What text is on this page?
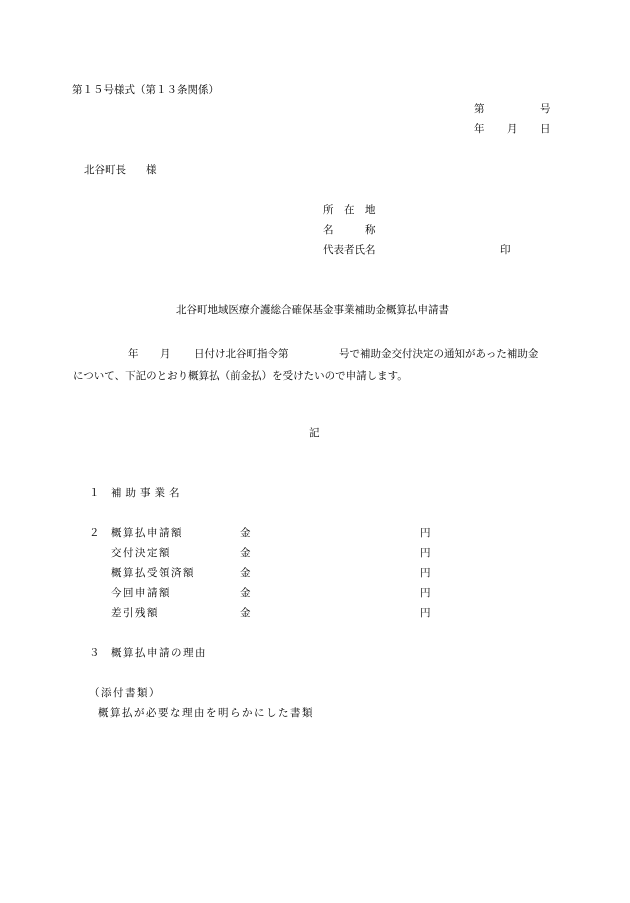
第１５号様式（第１３条関係）
第	号
年 月 日
北谷町長 様
所　在　地
名　　　称
代表者氏名	印
北谷町地域医療介護総合確保基金事業補助金概算払申請書
年 月 日付け北谷町指令第	号で補助金交付決定の通知があった補助金
について、下記のとおり概算払（前金払）を受けたいので申請します。
記
１ 補助事業名
２ 概算払申請額	金	円
交付決定額	金	円
概算払受領済額	金	円
今回申請額	金	円
差引残額	金	円
３ 概算払申請の理由
（添付書類）
概算払が必要な理由を明らかにした書類
